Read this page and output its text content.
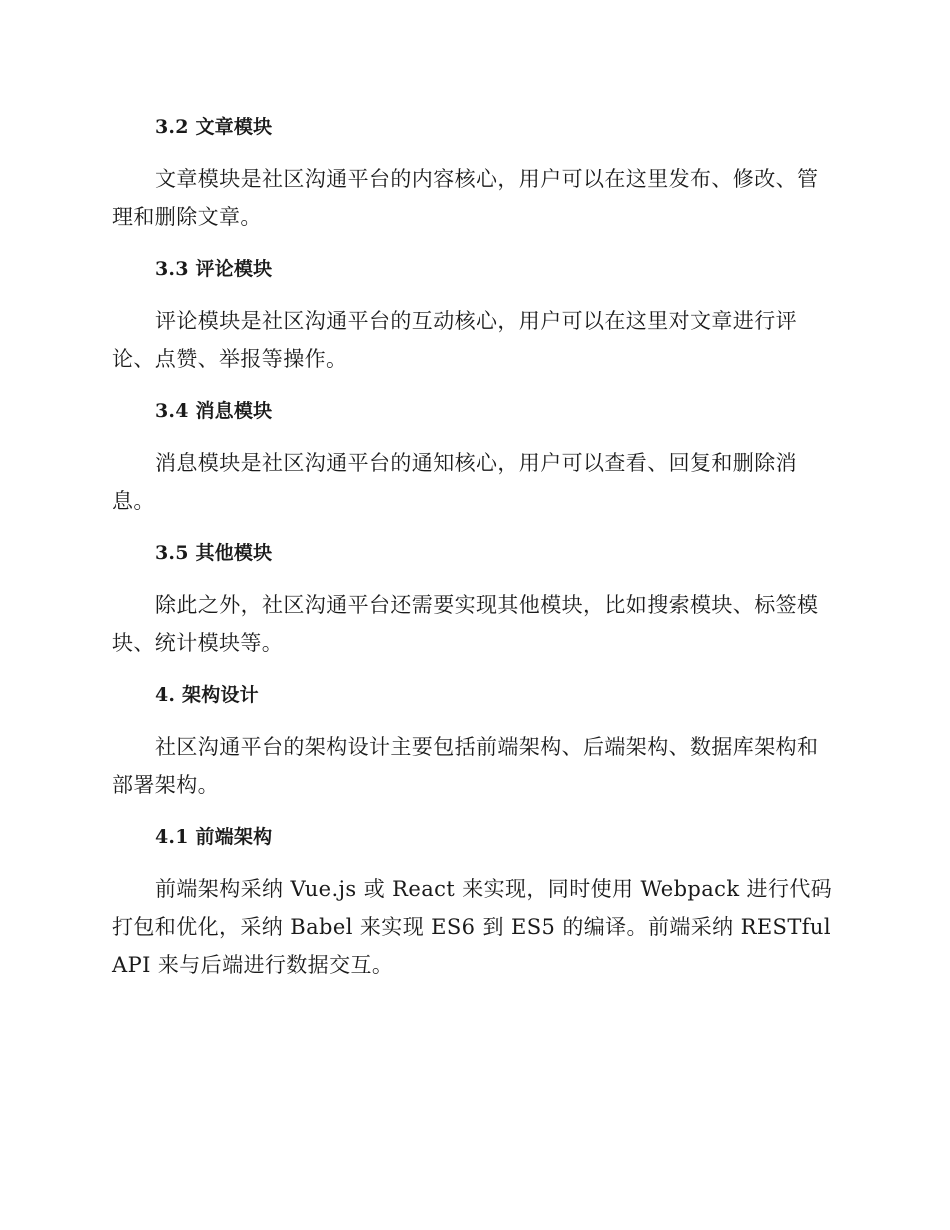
3.2 文章模块

文章模块是社区沟通平台的内容核心，用户可以在这里发布、修改、管理和删除文章。

3.3 评论模块

评论模块是社区沟通平台的互动核心，用户可以在这里对文章进行评论、点赞、举报等操作。

3.4 消息模块

消息模块是社区沟通平台的通知核心，用户可以查看、回复和删除消息。

3.5 其他模块

除此之外，社区沟通平台还需要实现其他模块，比如搜索模块、标签模块、统计模块等。

4. 架构设计

社区沟通平台的架构设计主要包括前端架构、后端架构、数据库架构和部署架构。

4.1 前端架构

前端架构采纳 Vue.js 或 React 来实现，同时使用 Webpack 进行代码打包和优化，采纳 Babel 来实现 ES6 到 ES5 的编译。前端采纳 RESTful API 来与后端进行数据交互。
